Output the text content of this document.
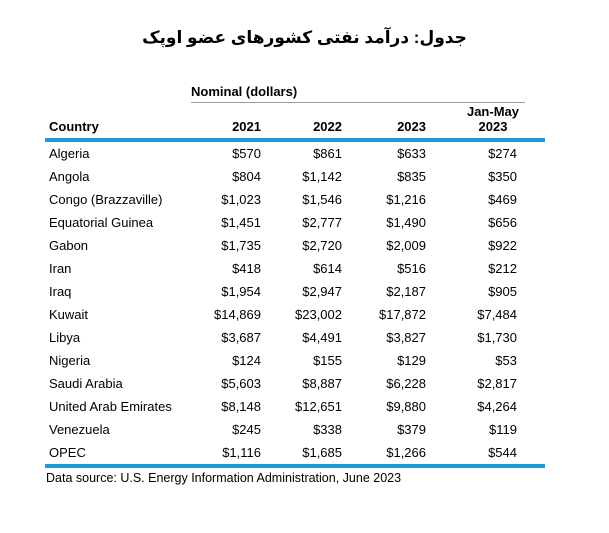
جدول: درآمد نفتی کشورهای عضو اوپک
Nominal (dollars)
Country	2021	2022	2023	Jan-May
2023
Algeria	$570	$861	$633	$274
Angola	$804	$1,142	$835	$350
Congo (Brazzaville)	$1,023	$1,546	$1,216	$469
Equatorial Guinea	$1,451	$2,777	$1,490	$656
Gabon	$1,735	$2,720	$2,009	$922
Iran	$418	$614	$516	$212
Iraq	$1,954	$2,947	$2,187	$905
Kuwait	$14,869	$23,002	$17,872	$7,484
Libya	$3,687	$4,491	$3,827	$1,730
Nigeria	$124	$155	$129	$53
Saudi Arabia	$5,603	$8,887	$6,228	$2,817
United Arab Emirates	$8,148	$12,651	$9,880	$4,264
Venezuela	$245	$338	$379	$119
OPEC	$1,116	$1,685	$1,266	$544
Data source: U.S. Energy Information Administration, June 2023
